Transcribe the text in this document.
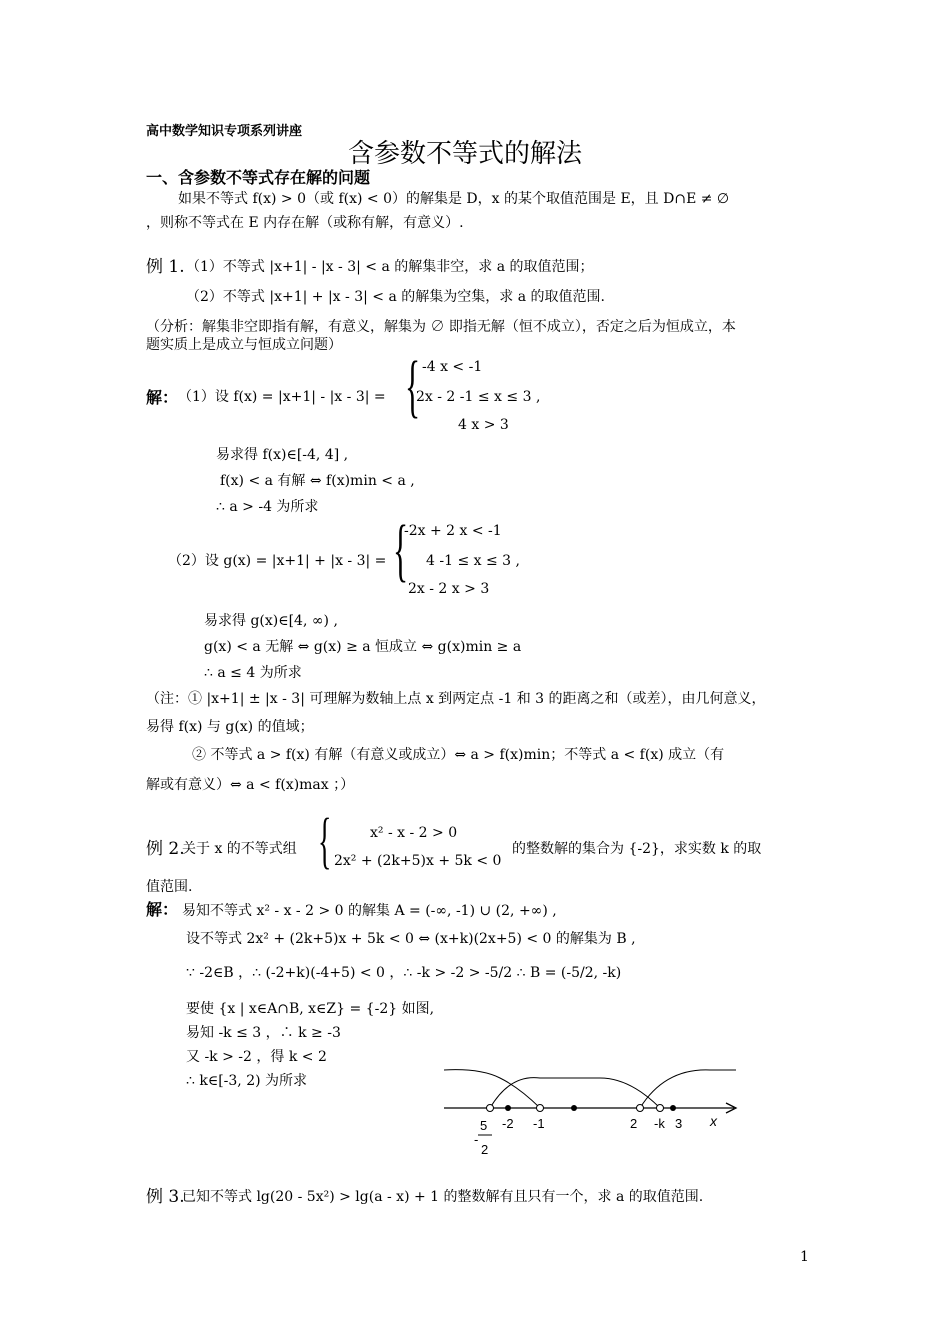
高中数学知识专项系列讲座
含参数不等式的解法
一、含参数不等式存在解的问题
如果不等式 f(x) > 0（或 f(x) < 0）的解集是 D，x 的某个取值范围是 E，且 D∩E ≠ ∅
，则称不等式在 E 内存在解（或称有解，有意义）.
例 1. （1）不等式 |x+1| - |x - 3| < a 的解集非空，求 a 的取值范围；
（2）不等式 |x+1| + |x - 3| < a 的解集为空集，求 a 的取值范围.
（分析：解集非空即指有解，有意义，解集为 ∅ 即指无解（恒不成立），否定之后为恒成立，本
题实质上是成立与恒成立问题）
解： （1）设 f(x) = |x+1| - |x - 3| = { -4 x < -1
2x - 2 -1 ≤ x ≤ 3 ,
4 x > 3
易求得 f(x)∈[-4, 4] ,
f(x) < a 有解 ⇔ f(x)min < a ,
∴ a > -4 为所求
（2）设 g(x) = |x+1| + |x - 3| = {
-2x + 2 x < -1
4 -1 ≤ x ≤ 3 ,
2x - 2 x > 3
易求得 g(x)∈[4, ∞) ,
g(x) < a 无解 ⇔ g(x) ≥ a 恒成立 ⇔ g(x)min ≥ a
∴ a ≤ 4 为所求
（注：① |x+1| ± |x - 3| 可理解为数轴上点 x 到两定点 -1 和 3 的距离之和（或差），由几何意义，
易得 f(x) 与 g(x) 的值域；
② 不等式 a > f(x) 有解（有意义或成立）⇔ a > f(x)min；不等式 a < f(x) 成立（有
解或有意义）⇔ a < f(x)max ；）
例 2.
关于 x 的不等式组 {	x² - x - 2 > 0
2x² + (2k+5)x + 5k < 0
的整数解的集合为 {-2}，求实数 k 的取
值范围.
解： 易知不等式 x² - x - 2 > 0 的解集 A = (-∞, -1) ∪ (2, +∞) ,
设不等式 2x² + (2k+5)x + 5k < 0 ⇔ (x+k)(2x+5) < 0 的解集为 B ,
∵ -2∈B ，∴ (-2+k)(-4+5) < 0 ，∴ -k > -2 > -5/2 ∴ B = (-5/2, -k)
要使 {x | x∈A∩B, x∈Z} = {-2} 如图,
易知 -k ≤ 3 ，∴ k ≥ -3
又 -k > -2 ，得 k < 2
∴ k∈[-3, 2) 为所求
5
-
2
-2 -1	2 -k 3 x
例 3.
已知不等式 lg(20 - 5x²) > lg(a - x) + 1 的整数解有且只有一个，求 a 的取值范围.
1
